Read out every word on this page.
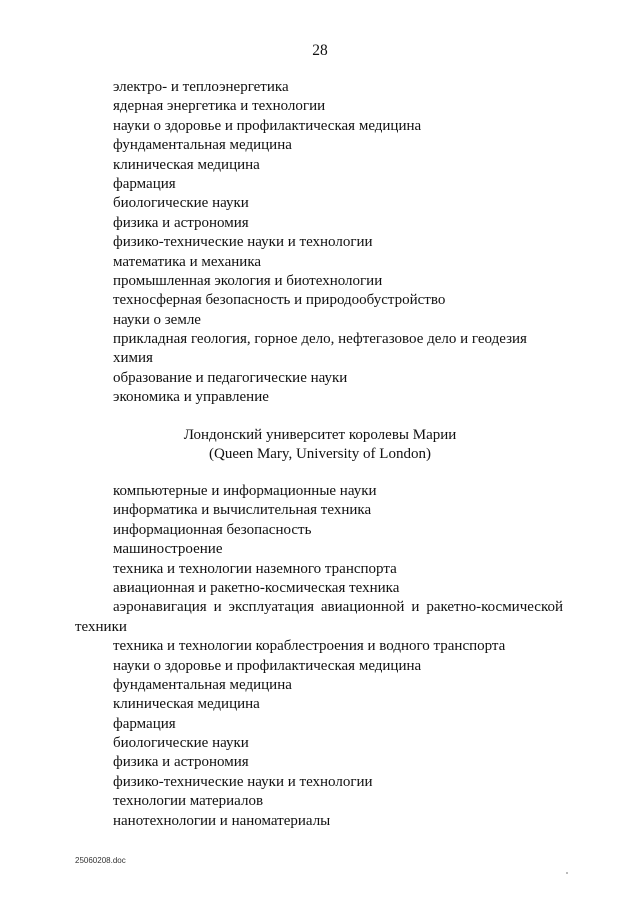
28
электро- и теплоэнергетика
ядерная энергетика и технологии
науки о здоровье и профилактическая медицина
фундаментальная медицина
клиническая медицина
фармация
биологические науки
физика и астрономия
физико-технические науки и технологии
математика и механика
промышленная экология и биотехнологии
техносферная безопасность и природообустройство
науки о земле
прикладная геология, горное дело, нефтегазовое дело и геодезия
химия
образование и педагогические науки
экономика и управление
Лондонский университет королевы Марии
(Queen Mary, University of London)
компьютерные и информационные науки
информатика и вычислительная техника
информационная безопасность
машиностроение
техника и технологии наземного транспорта
авиационная и ракетно-космическая техника
аэронавигация и эксплуатация авиационной и ракетно-космической
техники
техника и технологии кораблестроения и водного транспорта
науки о здоровье и профилактическая медицина
фундаментальная медицина
клиническая медицина
фармация
биологические науки
физика и астрономия
физико-технические науки и технологии
технологии материалов
нанотехнологии и наноматериалы
25060208.doc
